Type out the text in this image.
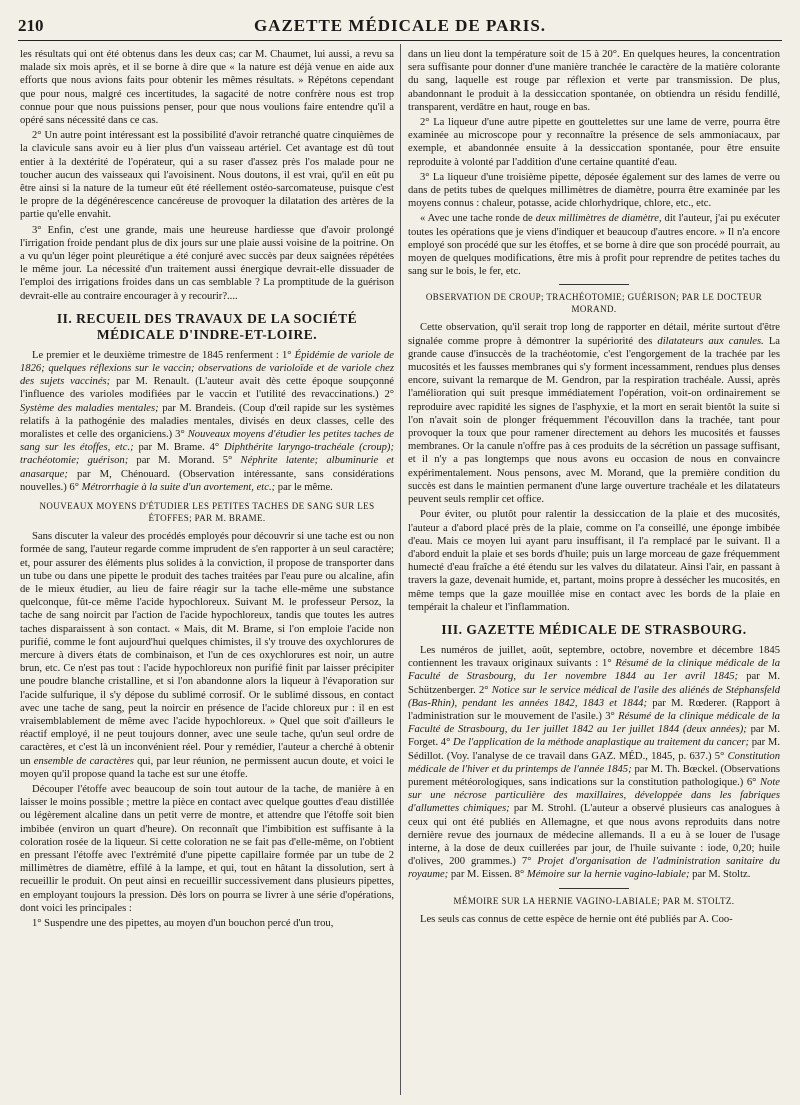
210	GAZETTE MÉDICALE DE PARIS.

les résultats qui ont été obtenus dans les deux cas; car M. Chaumet, lui aussi, a revu sa malade six mois après, et il se borne à dire que « la nature est déjà venue en aide aux efforts que nous avions faits pour obtenir les mêmes résultats. » Répétons cependant que pour nous, malgré ces incertitudes, la sagacité de notre confrère nous est trop connue pour que nous puissions penser, pour que nous voulions faire entendre qu'il a opéré sans nécessité dans ce cas.

2° Un autre point intéressant est la possibilité d'avoir retranché quatre cinquièmes de la clavicule sans avoir eu à lier plus d'un vaisseau artériel. Cet avantage est dû tout entier à la dextérité de l'opérateur, qui a su raser d'assez près l'os malade pour ne toucher aucun des vaisseaux qui l'avoisinent. Nous doutons, il est vrai, qu'il en eût pu être ainsi si la nature de la tumeur eût été réellement ostéo-sarcomateuse, puisque c'est le propre de la dégénérescence cancéreuse de provoquer la dilatation des artères de la partie qu'elle envahit.

3° Enfin, c'est une grande, mais une heureuse hardiesse que d'avoir prolongé l'irrigation froide pendant plus de dix jours sur une plaie aussi voisine de la poitrine. On a vu qu'un léger point pleurétique a été conjuré avec succès par deux saignées répétées le même jour. La nécessité d'un traitement aussi énergique devrait-elle dissuader de l'emploi des irrigations froides dans un cas semblable ? La promptitude de la guérison devrait-elle au contraire encourager à y recourir?....

II. RECUEIL DES TRAVAUX DE LA SOCIÉTÉ MÉDICALE D'INDRE-ET-LOIRE.

Le premier et le deuxième trimestre de 1845 renferment : 1° Épidémie de variole de 1826; quelques réflexions sur le vaccin; observations de varioloïde et de variole chez des sujets vaccinés; par M. Renault. (L'auteur avait dès cette époque soupçonné l'influence des varioles modifiées par le vaccin et l'utilité des revaccinations.) 2° Système des maladies mentales; par M. Brandeis. (Coup d'œil rapide sur les systèmes relatifs à la pathogénie des maladies mentales, divisés en deux classes, celle des moralistes et celle des organiciens.) 3° Nouveaux moyens d'étudier les petites taches de sang sur les étoffes, etc.; par M. Brame. 4° Diphthérite laryngo-trachéale (croup); trachéotomie; guérison; par M. Morand. 5° Néphrite latente; albuminurie et anasarque; par M, Chénouard. (Observation intéressante, sans considérations nouvelles.) 6° Métrorrhagie à la suite d'un avortement, etc.; par le même.

NOUVEAUX MOYENS D'ÉTUDIER LES PETITES TACHES DE SANG SUR LES ÉTOFFES; PAR M. BRAME.

Sans discuter la valeur des procédés employés pour découvrir si une tache est ou non formée de sang, l'auteur regarde comme imprudent de s'en rapporter à un seul caractère; et, pour assurer des éléments plus solides à la conviction, il propose de transporter dans un tube ou dans une pipette le produit des taches traitées par l'eau pure ou alcaline, afin de le mieux étudier, au lieu de faire réagir sur la tache elle-même une substance quelconque, fût-ce même l'acide hypochloreux. Suivant M. le professeur Persoz, la tache de sang noircit par l'action de l'acide hypochloreux, tandis que toutes les autres taches disparaissent à son contact. « Mais, dit M. Brame, si l'on emploie l'acide non purifié, comme le font aujourd'hui quelques chimistes, il s'y trouve des oxychlorures de mercure à divers états de combinaison, et l'un de ces oxychlorures est noir, un autre brun, etc. Ce n'est pas tout : l'acide hypochloreux non purifié finit par laisser précipiter une poudre blanche cristalline, et si l'on abandonne alors la liqueur à l'évaporation sur l'acide sulfurique, il s'y dépose du sublimé corrosif. Or le sublimé dissous, en contact avec une tache de sang, peut la noircir en présence de l'acide chloreux pur : il en est vraisemblablement de même avec l'acide hypochloreux. » Quel que soit d'ailleurs le réactif employé, il ne peut toujours donner, avec une seule tache, qu'un seul ordre de caractères, et c'est là un inconvénient réel. Pour y remédier, l'auteur a cherché à obtenir un ensemble de caractères qui, par leur réunion, ne permissent aucun doute, et voici le moyen qu'il propose quand la tache est sur une étoffe.

Découper l'étoffe avec beaucoup de soin tout autour de la tache, de manière à en laisser le moins possible ; mettre la pièce en contact avec quelque gouttes d'eau distillée ou légèrement alcaline dans un petit verre de montre, et attendre que l'étoffe soit bien imbibée (environ un quart d'heure). On reconnaît que l'imbibition est suffisante à la coloration rosée de la liqueur. Si cette coloration ne se fait pas d'elle-même, on l'obtient en pressant l'étoffe avec l'extrémité d'une pipette capillaire formée par un tube de 2 millimètres de diamètre, effilé à la lampe, et qui, tout en hâtant la dissolution, sert à recueillir le produit. On peut ainsi en recueillir successivement dans plusieurs pipettes, en employant toujours la pression. Dès lors on pourra se livrer à une série d'opérations, dont voici les principales :

1° Suspendre une des pipettes, au moyen d'un bouchon percé d'un trou,

dans un lieu dont la température soit de 15 à 20°. En quelques heures, la concentration sera suffisante pour donner d'une manière tranchée le caractère de la matière colorante du sang, laquelle est rouge par réflexion et verte par transmission. De plus, abandonnant le produit à la dessiccation spontanée, on obtiendra un résidu fendillé, transparent, verdâtre en haut, rouge en bas.

2° La liqueur d'une autre pipette en gouttelettes sur une lame de verre, pourra être examinée au microscope pour y reconnaître la présence de sels ammoniacaux, par exemple, et abandonnée ensuite à la dessiccation spontanée, pour être ensuite reproduite à volonté par l'addition d'une certaine quantité d'eau.

3° La liqueur d'une troisième pipette, déposée également sur des lames de verre ou dans de petits tubes de quelques millimètres de diamètre, pourra être examinée par les moyens connus : chaleur, potasse, acide chlorhydrique, chlore, etc., etc.

« Avec une tache ronde de deux millimètres de diamètre, dit l'auteur, j'ai pu exécuter toutes les opérations que je viens d'indiquer et beaucoup d'autres encore. » Il n'a encore employé son procédé que sur les étoffes, et se borne à dire que son procédé pourrait, au moyen de quelques modifications, être mis à profit pour reprendre de petites taches du sang sur le bois, le fer, etc.

OBSERVATION DE CROUP; TRACHÉOTOMIE; GUÉRISON; PAR LE DOCTEUR MORAND.

Cette observation, qu'il serait trop long de rapporter en détail, mérite surtout d'être signalée comme propre à démontrer la supériorité des dilatateurs aux canules. La grande cause d'insuccès de la trachéotomie, c'est l'engorgement de la trachée par les mucosités et les fausses membranes qui s'y forment incessamment, rendues plus denses encore, suivant la remarque de M. Gendron, par la respiration trachéale. Aussi, après l'amélioration qui suit presque immédiatement l'opération, voit-on ordinairement se reproduire avec rapidité les signes de l'asphyxie, et la mort en serait bientôt la suite si l'on n'avait soin de plonger fréquemment l'écouvillon dans la trachée, tant pour provoquer la toux que pour ramener directement au dehors les mucosités et fausses membranes. Or la canule n'offre pas à ces produits de la sécrétion un passage suffisant, et il n'y a pas longtemps que nous avons eu occasion de nous en convaincre expérimentalement. Nous pensons, avec M. Morand, que la première condition du succès est dans le maintien permanent d'une large ouverture trachéale et les dilatateurs peuvent seuls remplir cet office.

Pour éviter, ou plutôt pour ralentir la dessiccation de la plaie et des mucosités, l'auteur a d'abord placé près de la plaie, comme on l'a conseillé, une éponge imbibée d'eau. Mais ce moyen lui ayant paru insuffisant, il l'a remplacé par le suivant. Il a d'abord enduit la plaie et ses bords d'huile; puis un large morceau de gaze fréquemment humecté d'eau fraîche a été étendu sur les valves du dilatateur. Ainsi l'air, en passant à travers la gaze, devenait humide, et, partant, moins propre à dessécher les mucosités, en même temps que la gaze mouillée mise en contact avec les bords de la plaie en tempérait la chaleur et l'inflammation.

III. GAZETTE MÉDICALE DE STRASBOURG.

Les numéros de juillet, août, septembre, octobre, novembre et décembre 1845 contiennent les travaux originaux suivants : 1° Résumé de la clinique médicale de la Faculté de Strasbourg, du 1er novembre 1844 au 1er avril 1845; par M. Schützenberger. 2° Notice sur le service médical de l'asile des aliénés de Stéphansfeld (Bas-Rhin), pendant les années 1842, 1843 et 1844; par M. Rœderer. (Rapport à l'administration sur le mouvement de l'asile.) 3° Résumé de la clinique médicale de la Faculté de Strasbourg, du 1er juillet 1842 au 1er juillet 1844 (deux années); par M. Forget. 4° De l'application de la méthode anaplastique au traitement du cancer; par M. Sédillot. (Voy. l'analyse de ce travail dans GAZ. MÉD., 1845, p. 637.) 5° Constitution médicale de l'hiver et du printemps de l'année 1845; par M. Th. Bœckel. (Observations purement météorologiques, sans indications sur la constitution pathologique.) 6° Note sur une nécrose particulière des maxillaires, développée dans les fabriques d'allumettes chimiques; par M. Strohl. (L'auteur a observé plusieurs cas analogues à ceux qui ont été publiés en Allemagne, et que nous avons reproduits dans notre dernière revue des journaux de médecine allemands. Il a eu à se louer de l'usage interne, à la dose de deux cuillerées par jour, de l'huile suivante : iode, 0,20; huile d'olives, 200 grammes.) 7° Projet d'organisation de l'administration sanitaire du royaume; par M. Eissen. 8° Mémoire sur la hernie vagino-labiale; par M. Stoltz.

MÉMOIRE SUR LA HERNIE VAGINO-LABIALE; PAR M. STOLTZ.

Les seuls cas connus de cette espèce de hernie ont été publiés par A. Coo-
